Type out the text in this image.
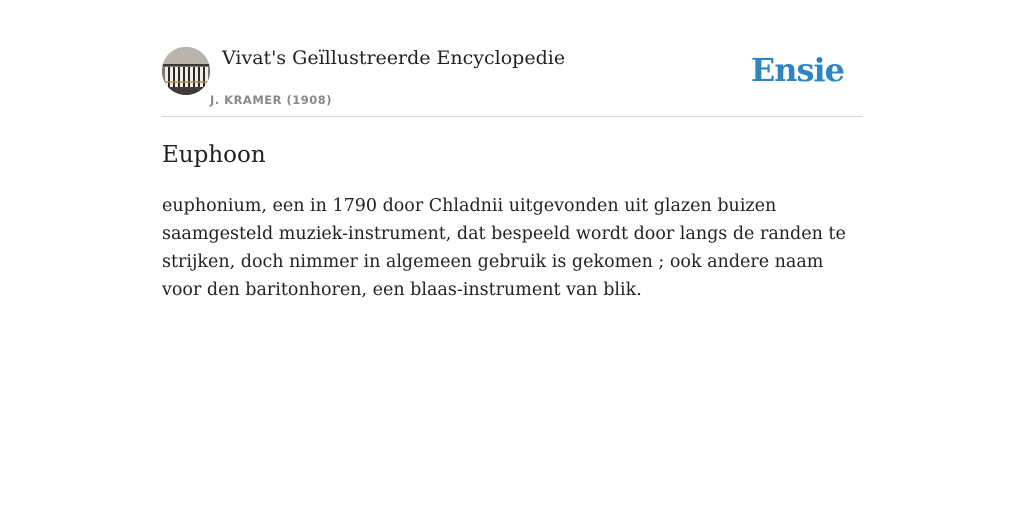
Vivat's Geïllustreerde Encyclopedie
J. KRAMER (1908)
Ensie
Euphoon

euphonium, een in 1790 door Chladnii uitgevonden uit glazen buizen saamgesteld muziek-instrument, dat bespeeld wordt door langs de randen te strijken, doch nimmer in algemeen gebruik is gekomen ; ook andere naam voor den baritonhoren, een blaas-instrument van blik.
